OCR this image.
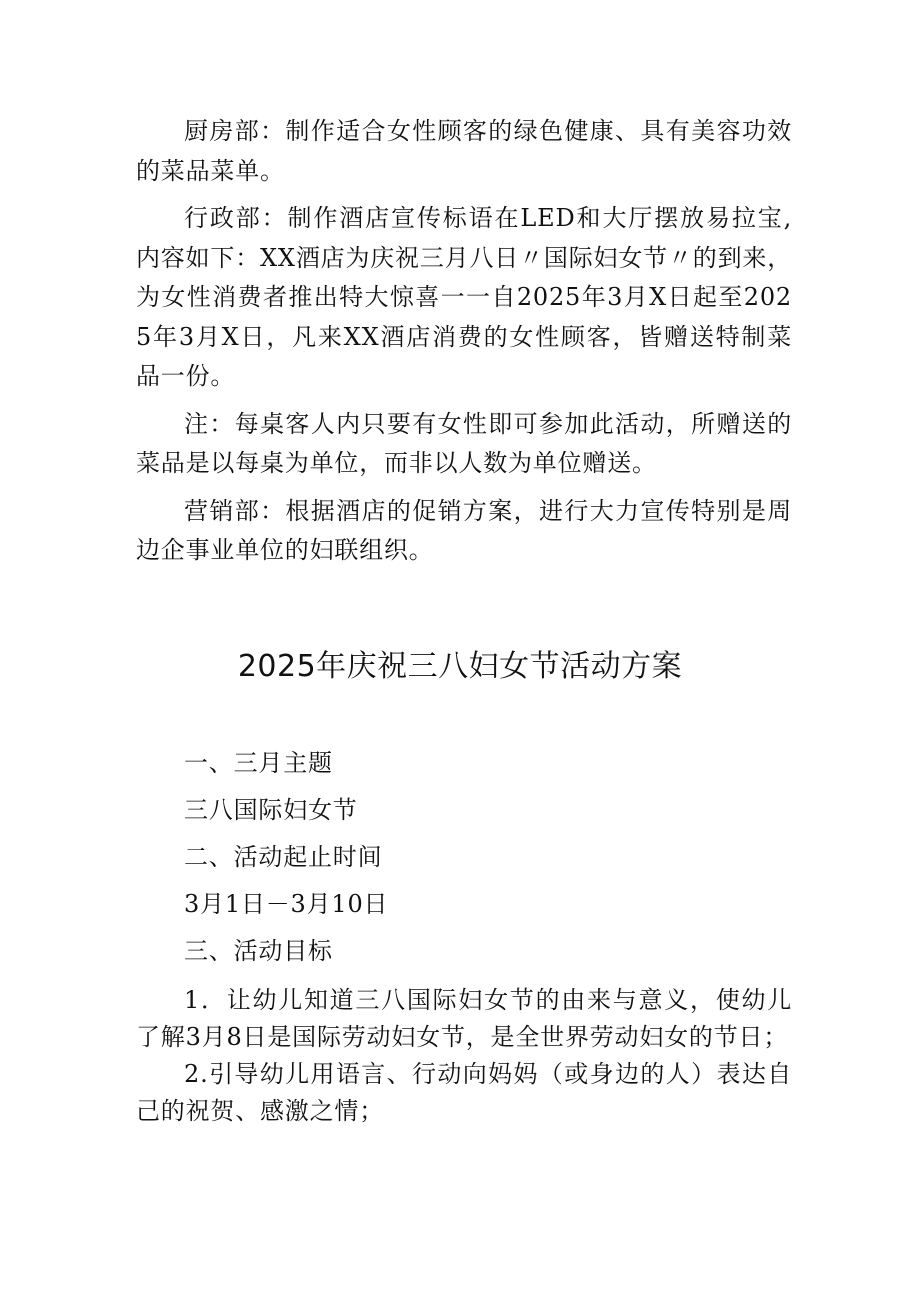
厨房部：制作适合女性顾客的绿色健康、具有美容功效的菜品菜单。

行政部：制作酒店宣传标语在LED和大厅摆放易拉宝,内容如下：XX酒店为庆祝三月八日〃国际妇女节〃的到来，为女性消费者推出特大惊喜一一自2025年3月X日起至2025年3月X日，凡来XX酒店消费的女性顾客，皆赠送特制菜品一份。

注：每桌客人内只要有女性即可参加此活动，所赠送的菜品是以每桌为单位，而非以人数为单位赠送。

营销部：根据酒店的促销方案，进行大力宣传特别是周边企事业单位的妇联组织。

2025年庆祝三八妇女节活动方案

一、三月主题

三八国际妇女节

二、活动起止时间

3月1日－3月10日

三、活动目标

1．让幼儿知道三八国际妇女节的由来与意义，使幼儿了解3月8日是国际劳动妇女节，是全世界劳动妇女的节日；

2.引导幼儿用语言、行动向妈妈（或身边的人）表达自己的祝贺、感激之情；
